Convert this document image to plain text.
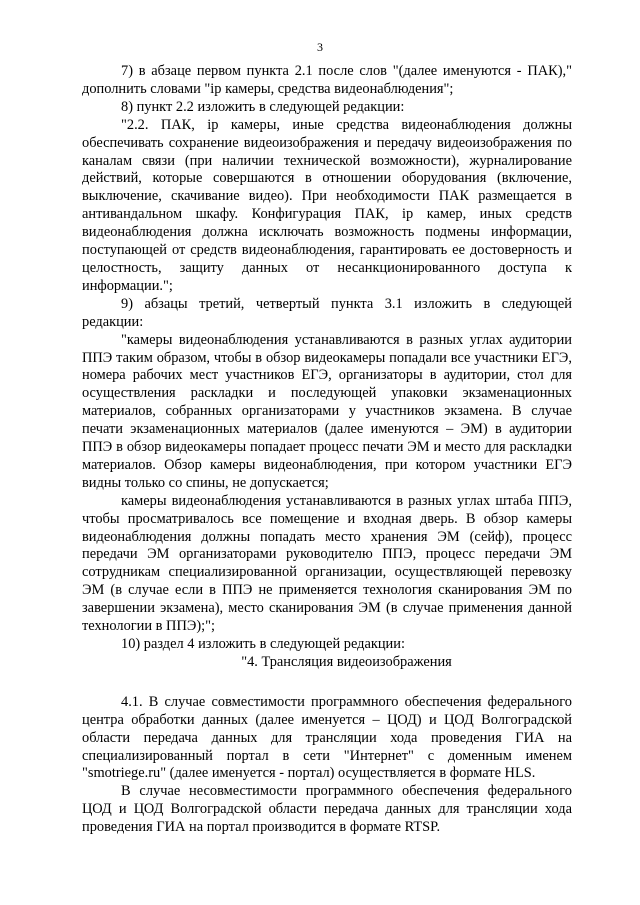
3

7) в абзаце первом пункта 2.1 после слов "(далее именуются - ПАК)," дополнить словами "ip камеры, средства видеонаблюдения";

8) пункт 2.2 изложить в следующей редакции:

"2.2. ПАК, ip камеры, иные средства видеонаблюдения должны обеспечивать сохранение видеоизображения и передачу видеоизображения по каналам связи (при наличии технической возможности), журналирование действий, которые совершаются в отношении оборудования (включение, выключение, скачивание видео). При необходимости ПАК размещается в антивандальном шкафу. Конфигурация ПАК, ip камер, иных средств видеонаблюдения должна исключать возможность подмены информации, поступающей от средств видеонаблюдения, гарантировать ее достоверность и целостность, защиту данных от несанкционированного доступа к информации.";

9) абзацы третий, четвертый пункта 3.1 изложить в следующей редакции:

"камеры видеонаблюдения устанавливаются в разных углах аудитории ППЭ таким образом, чтобы в обзор видеокамеры попадали все участники ЕГЭ, номера рабочих мест участников ЕГЭ, организаторы в аудитории, стол для осуществления раскладки и последующей упаковки экзаменационных материалов, собранных организаторами у участников экзамена. В случае печати экзаменационных материалов (далее именуются – ЭМ) в аудитории ППЭ в обзор видеокамеры попадает процесс печати ЭМ и место для раскладки материалов. Обзор камеры видеонаблюдения, при котором участники ЕГЭ видны только со спины, не допускается;

камеры видеонаблюдения устанавливаются в разных углах штаба ППЭ, чтобы просматривалось все помещение и входная дверь. В обзор камеры видеонаблюдения должны попадать место хранения ЭМ (сейф), процесс передачи ЭМ организаторами руководителю ППЭ, процесс передачи ЭМ сотрудникам специализированной организации, осуществляющей перевозку ЭМ (в случае если в ППЭ не применяется технология сканирования ЭМ по завершении экзамена), место сканирования ЭМ (в случае применения данной технологии в ППЭ);";

10) раздел 4 изложить в следующей редакции:

"4. Трансляция видеоизображения

4.1. В случае совместимости программного обеспечения федерального центра обработки данных (далее именуется – ЦОД) и ЦОД Волгоградской области передача данных для трансляции хода проведения ГИА на специализированный портал в сети "Интернет" с доменным именем "smotriege.ru" (далее именуется - портал) осуществляется в формате HLS.

В случае несовместимости программного обеспечения федерального ЦОД и ЦОД Волгоградской области передача данных для трансляции хода проведения ГИА на портал производится в формате RTSP.
